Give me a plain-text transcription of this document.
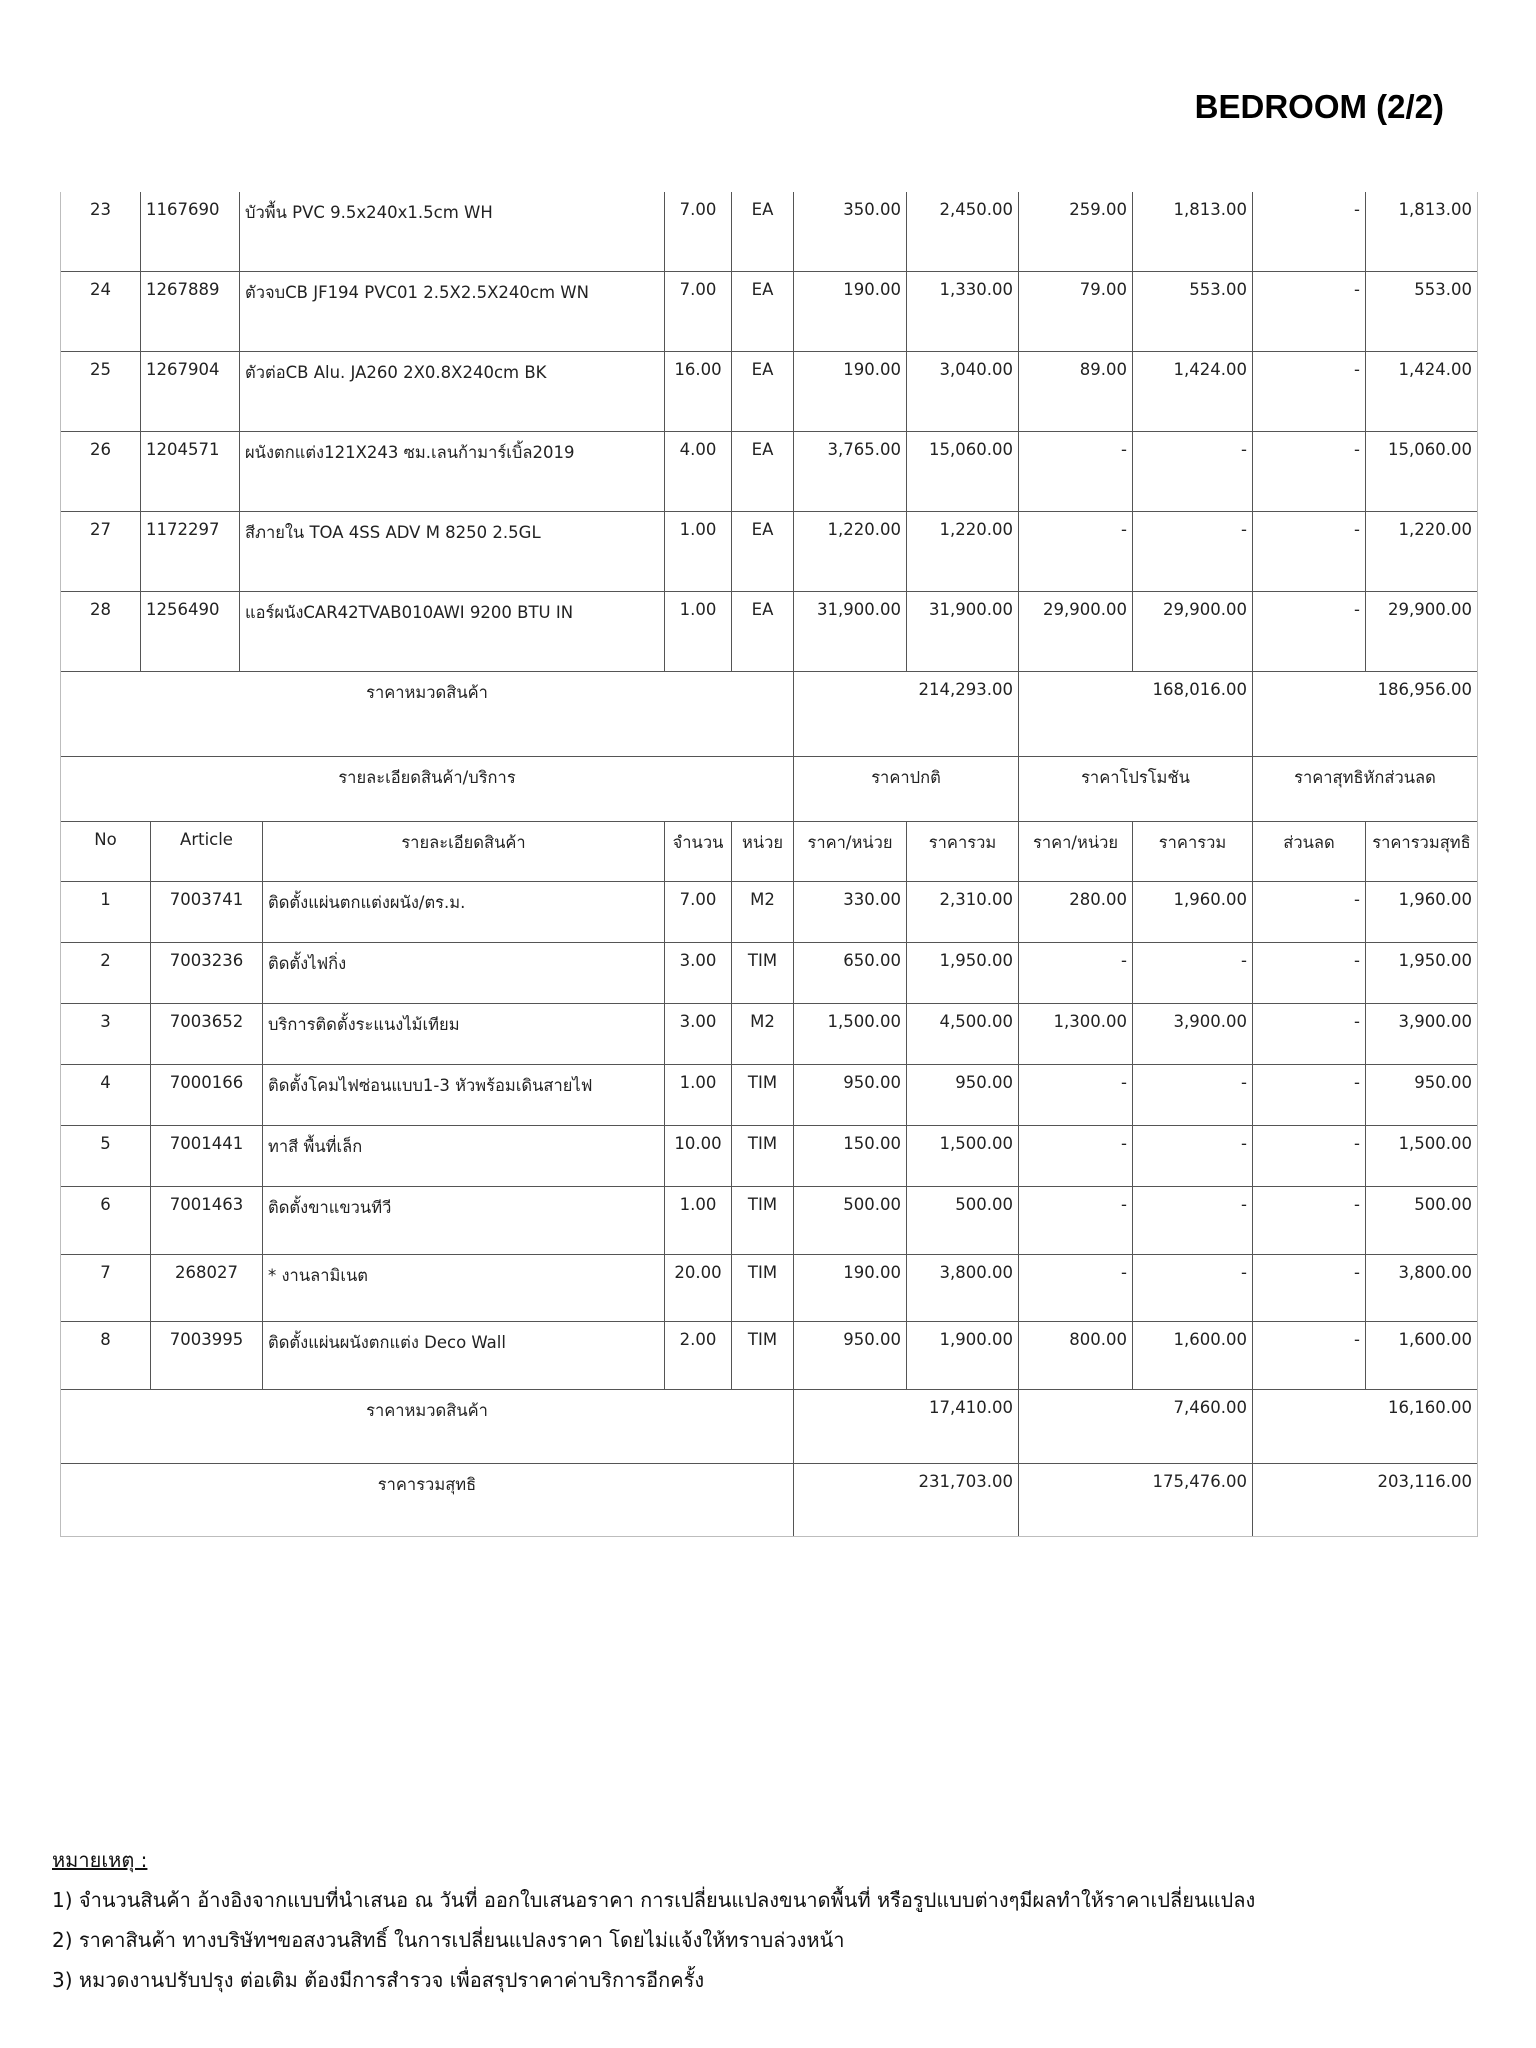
BEDROOM (2/2)
23	1167690	บัวพื้น PVC 9.5x240x1.5cm WH	7.00	EA	350.00	2,450.00	259.00	1,813.00	-	1,813.00
24	1267889	ตัวจบCB JF194 PVC01 2.5X2.5X240cm WN	7.00	EA	190.00	1,330.00	79.00	553.00	-	553.00
25	1267904	ตัวต่อCB Alu. JA260 2X0.8X240cm BK	16.00	EA	190.00	3,040.00	89.00	1,424.00	-	1,424.00
26	1204571	ผนังตกแต่ง121X243 ซม.เลนก้ามาร์เบิ้ล2019	4.00	EA	3,765.00	15,060.00	-	-	-	15,060.00
27	1172297	สีภายใน TOA 4SS ADV M 8250 2.5GL	1.00	EA	1,220.00	1,220.00	-	-	-	1,220.00
28	1256490	แอร์ผนังCAR42TVAB010AWI 9200 BTU IN	1.00	EA	31,900.00	31,900.00	29,900.00	29,900.00	-	29,900.00
ราคาหมวดสินค้า	214,293.00	168,016.00	186,956.00
รายละเอียดสินค้า/บริการ	ราคาปกติ	ราคาโปรโมชัน	ราคาสุทธิหักส่วนลด
No	Article	รายละเอียดสินค้า	จำนวน	หน่วย	ราคา/หน่วย	ราคารวม	ราคา/หน่วย	ราคารวม	ส่วนลด	ราคารวมสุทธิ
1	7003741	ติดตั้งแผ่นตกแต่งผนัง/ตร.ม.	7.00	M2	330.00	2,310.00	280.00	1,960.00	-	1,960.00
2	7003236	ติดตั้งไฟกิ่ง	3.00	TIM	650.00	1,950.00	-	-	-	1,950.00
3	7003652	บริการติดตั้งระแนงไม้เทียม	3.00	M2	1,500.00	4,500.00	1,300.00	3,900.00	-	3,900.00
4	7000166	ติดตั้งโคมไฟซ่อนแบบ1-3 หัวพร้อมเดินสายไฟ	1.00	TIM	950.00	950.00	-	-	-	950.00
5	7001441	ทาสี พื้นที่เล็ก	10.00	TIM	150.00	1,500.00	-	-	-	1,500.00
6	7001463	ติดตั้งขาแขวนทีวี	1.00	TIM	500.00	500.00	-	-	-	500.00
7	268027	* งานลามิเนต	20.00	TIM	190.00	3,800.00	-	-	-	3,800.00
8	7003995	ติดตั้งแผ่นผนังตกแต่ง Deco Wall	2.00	TIM	950.00	1,900.00	800.00	1,600.00	-	1,600.00
ราคาหมวดสินค้า	17,410.00	7,460.00	16,160.00
ราคารวมสุทธิ	231,703.00	175,476.00	203,116.00
หมายเหตุ :
1) จำนวนสินค้า อ้างอิงจากแบบที่นำเสนอ ณ วันที่ ออกใบเสนอราคา การเปลี่ยนแปลงขนาดพื้นที่ หรือรูปแบบต่างๆมีผลทำให้ราคาเปลี่ยนแปลง
2) ราคาสินค้า ทางบริษัทฯขอสงวนสิทธิ์ ในการเปลี่ยนแปลงราคา โดยไม่แจ้งให้ทราบล่วงหน้า
3) หมวดงานปรับปรุง ต่อเติม ต้องมีการสำรวจ เพื่อสรุปราคาค่าบริการอีกครั้ง
